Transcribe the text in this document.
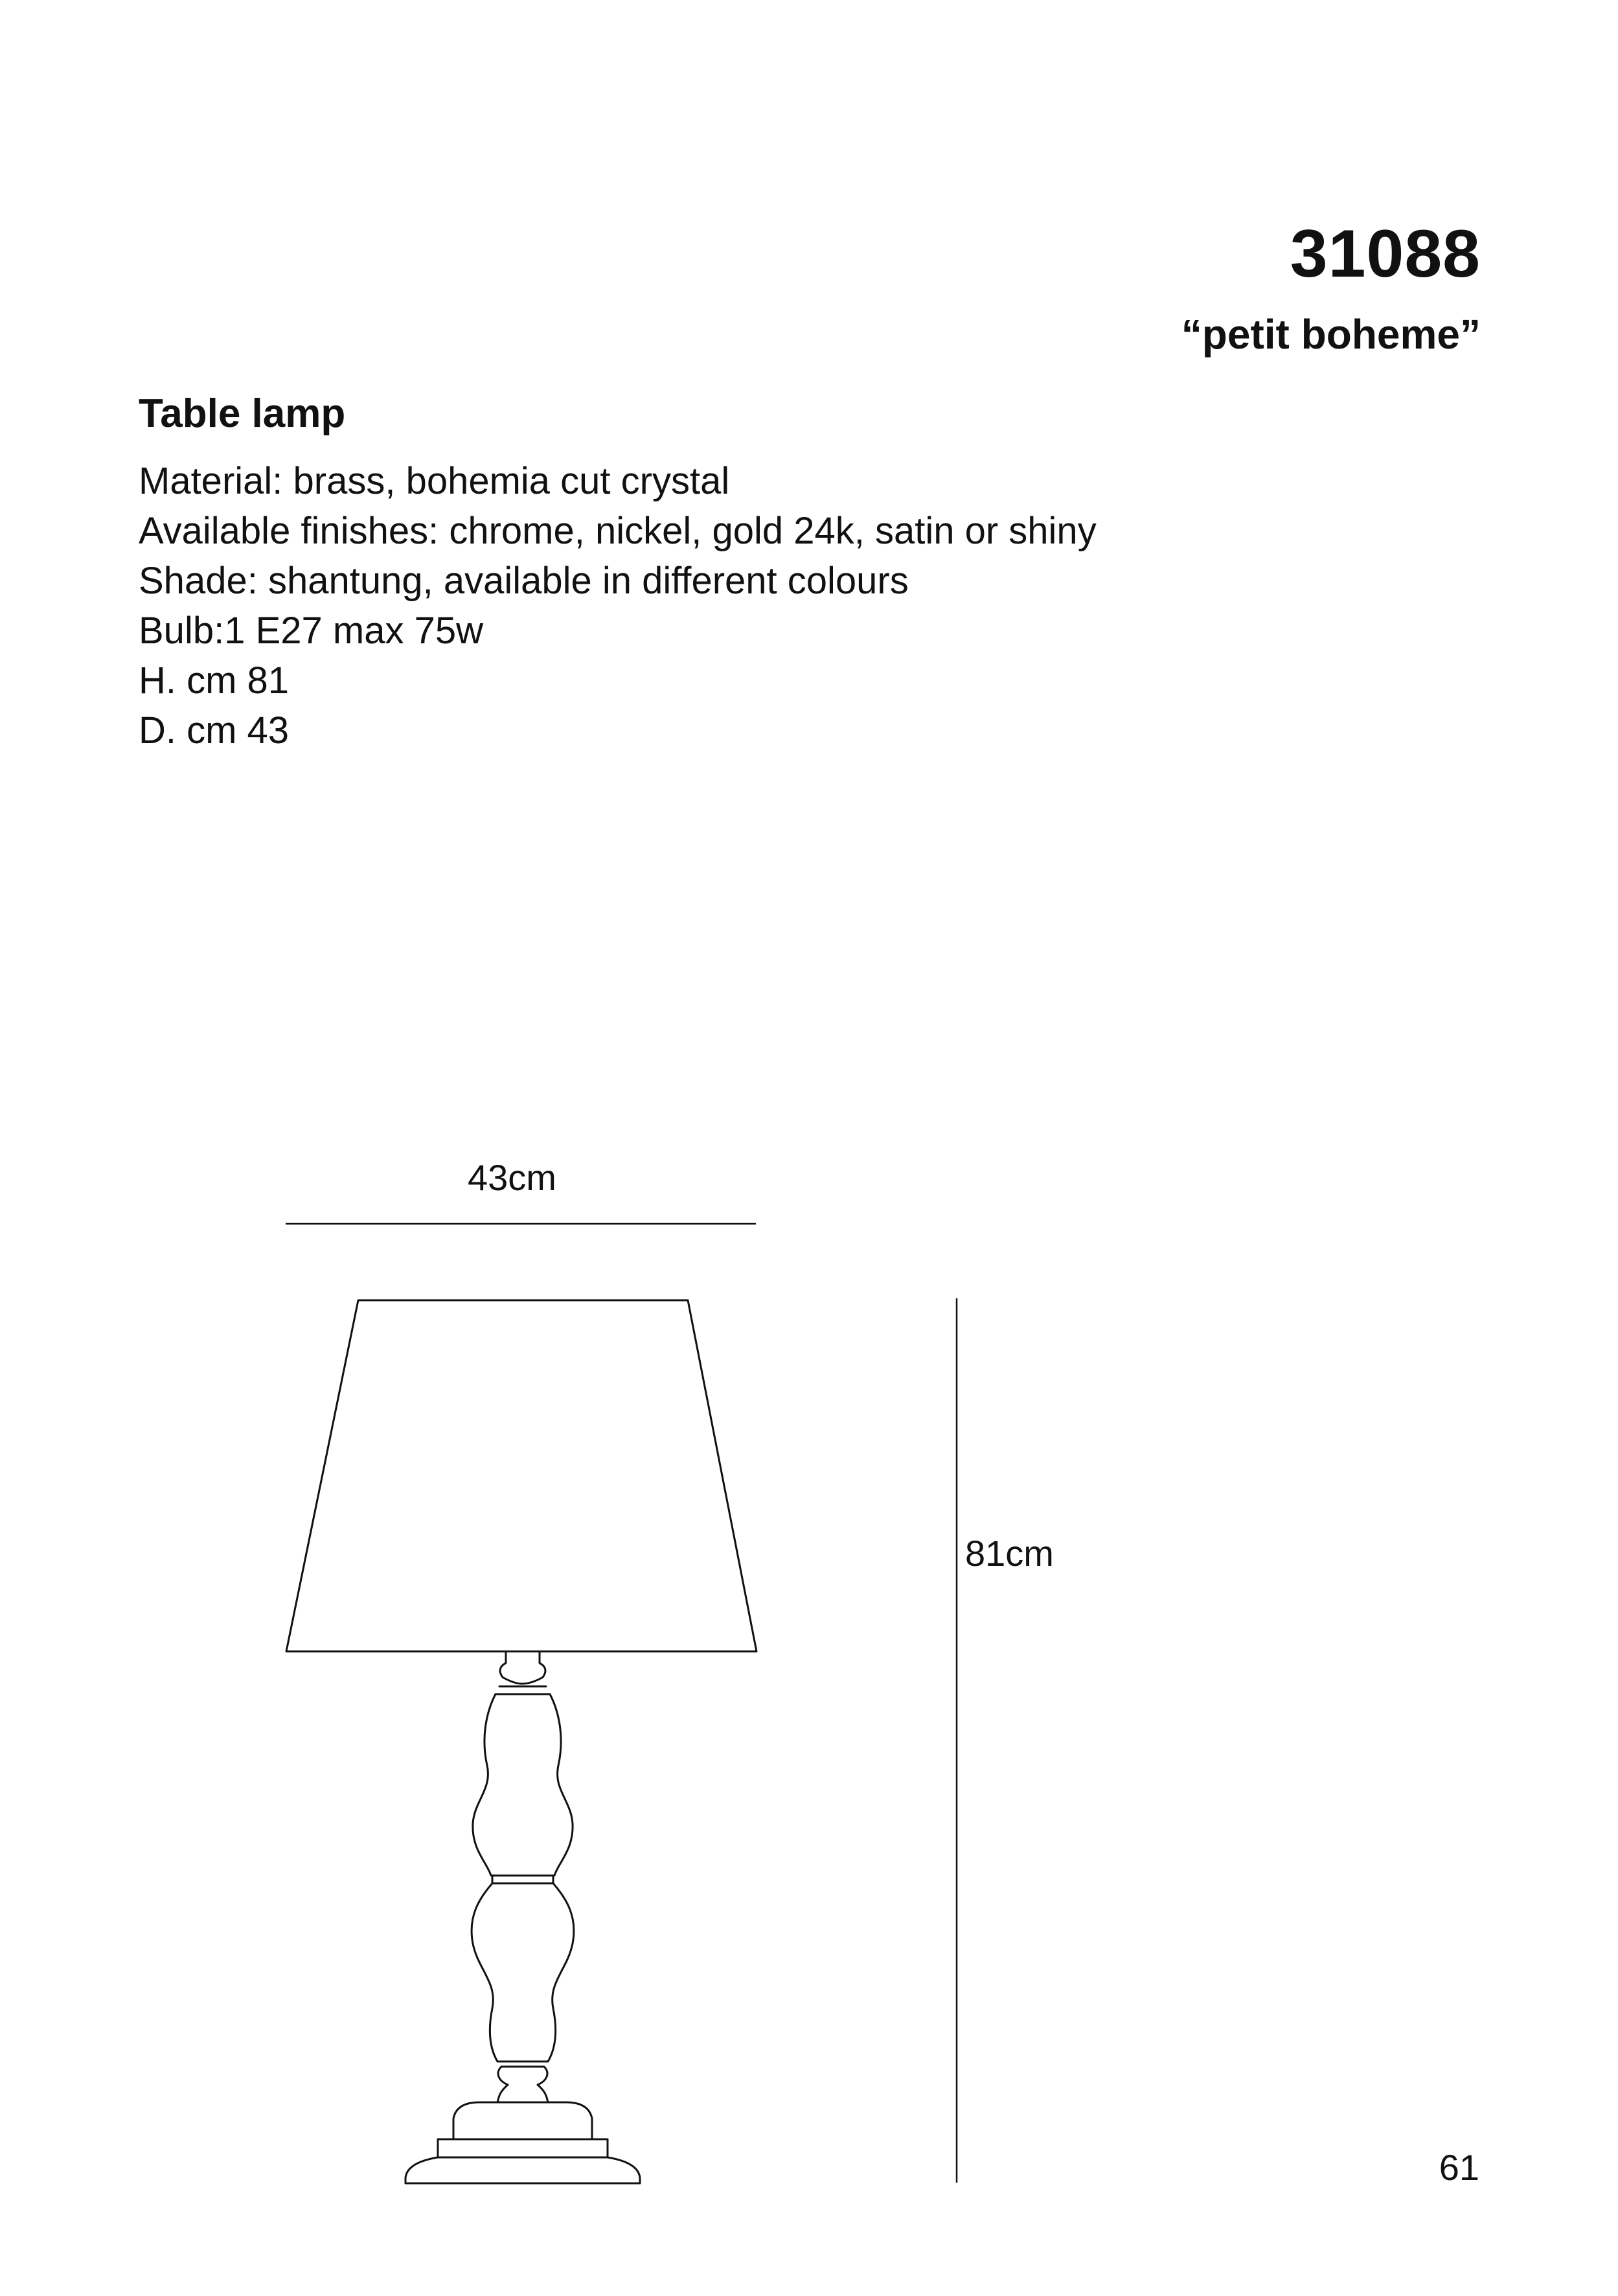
31088
“petit boheme”

Table lamp

Material: brass, bohemia cut crystal

Available finishes: chrome, nickel, gold 24k, satin or shiny

Shade: shantung, available in different colours

Bulb:1 E27 max 75w

H. cm 81

D. cm 43

43cm
81cm
61
